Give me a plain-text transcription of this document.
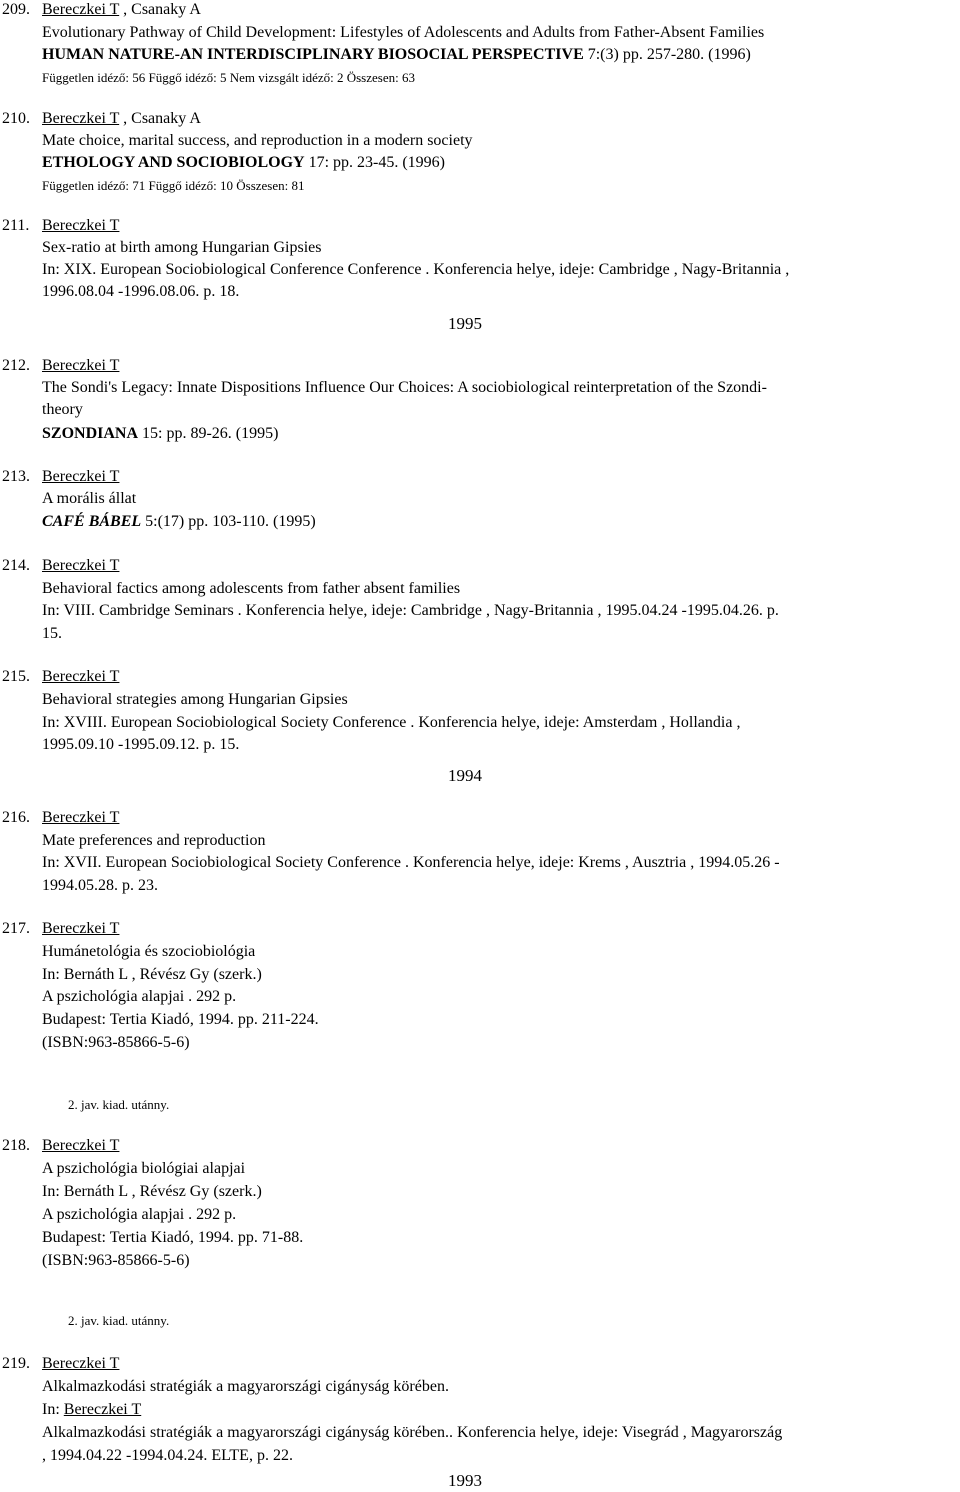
209. Bereczkei T , Csanaky A
Evolutionary Pathway of Child Development: Lifestyles of Adolescents and Adults from Father-Absent Families
HUMAN NATURE-AN INTERDISCIPLINARY BIOSOCIAL PERSPECTIVE 7:(3) pp. 257-280. (1996)
Független idéző: 56 Függő idéző: 5 Nem vizsgált idéző: 2 Összesen: 63
210. Bereczkei T , Csanaky A
Mate choice, marital success, and reproduction in a modern society
ETHOLOGY AND SOCIOBIOLOGY 17: pp. 23-45. (1996)
Független idéző: 71 Függő idéző: 10 Összesen: 81
211. Bereczkei T
Sex-ratio at birth among Hungarian Gipsies
In: XIX. European Sociobiological Conference Conference . Konferencia helye, ideje: Cambridge , Nagy-Britannia ,
1996.08.04 -1996.08.06. p. 18.
1995
212. Bereczkei T
The Sondi's Legacy: Innate Dispositions Influence Our Choices: A sociobiological reinterpretation of the Szondi-
theory
SZONDIANA 15: pp. 89-26. (1995)
213. Bereczkei T
A morális állat
CAFÉ BÁBEL 5:(17) pp. 103-110. (1995)
214. Bereczkei T
Behavioral factics among adolescents from father absent families
In: VIII. Cambridge Seminars . Konferencia helye, ideje: Cambridge , Nagy-Britannia , 1995.04.24 -1995.04.26. p.
15.
215. Bereczkei T
Behavioral strategies among Hungarian Gipsies
In: XVIII. European Sociobiological Society Conference . Konferencia helye, ideje: Amsterdam , Hollandia ,
1995.09.10 -1995.09.12. p. 15.
1994
216. Bereczkei T
Mate preferences and reproduction
In: XVII. European Sociobiological Society Conference . Konferencia helye, ideje: Krems , Ausztria , 1994.05.26 -
1994.05.28. p. 23.
217. Bereczkei T
Humánetológia és szociobiológia
In: Bernáth L , Révész Gy (szerk.)
A pszichológia alapjai . 292 p.
Budapest: Tertia Kiadó, 1994. pp. 211-224.
(ISBN:963-85866-5-6)
2. jav. kiad. utánny.
218. Bereczkei T
A pszichológia biológiai alapjai
In: Bernáth L , Révész Gy (szerk.)
A pszichológia alapjai . 292 p.
Budapest: Tertia Kiadó, 1994. pp. 71-88.
(ISBN:963-85866-5-6)
2. jav. kiad. utánny.
219. Bereczkei T
Alkalmazkodási stratégiák a magyarországi cigányság körében.
In: Bereczkei T
Alkalmazkodási stratégiák a magyarországi cigányság körében.. Konferencia helye, ideje: Visegrád , Magyarország
, 1994.04.22 -1994.04.24. ELTE, p. 22.
1993
